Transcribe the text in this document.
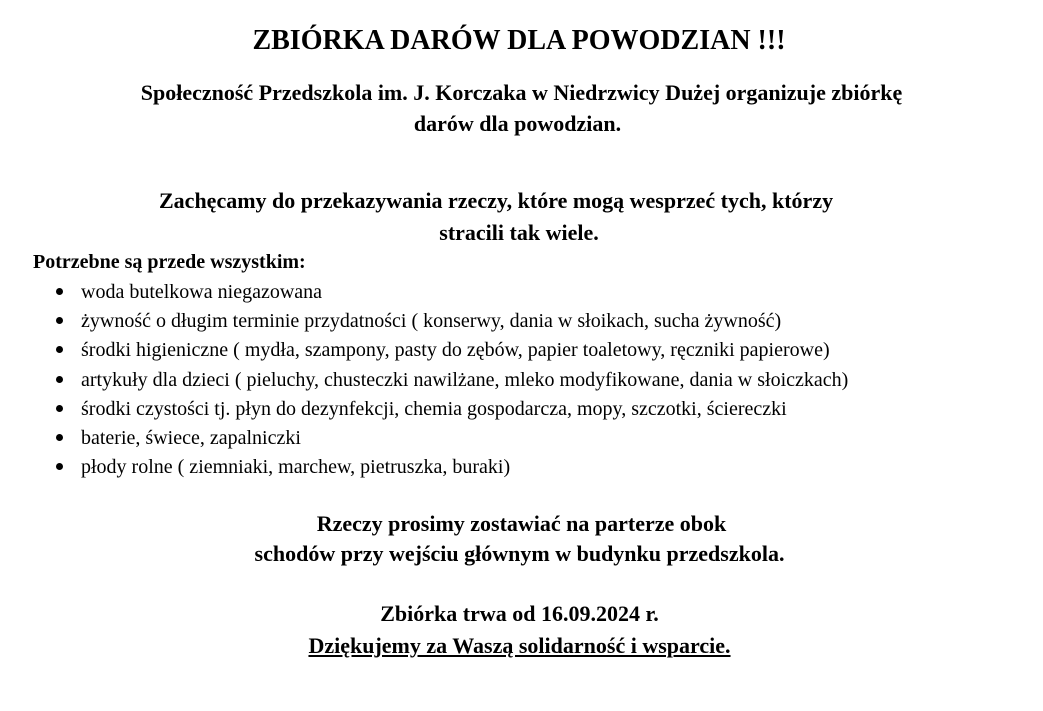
ZBIÓRKA DARÓW DLA POWODZIAN !!!

Społeczność Przedszkola im. J. Korczaka w Niedrzwicy Dużej organizuje zbiórkę

darów dla powodzian.

Zachęcamy do przekazywania rzeczy, które mogą wesprzeć tych, którzy

stracili tak wiele.

Potrzebne są przede wszystkim:

woda butelkowa niegazowana
żywność o długim terminie przydatności ( konserwy, dania w słoikach, sucha żywność)
środki higieniczne ( mydła, szampony, pasty do zębów, papier toaletowy, ręczniki papierowe)
artykuły dla dzieci ( pieluchy, chusteczki nawilżane, mleko modyfikowane, dania w słoiczkach)
środki czystości tj. płyn do dezynfekcji, chemia gospodarcza, mopy, szczotki, ściereczki
baterie, świece, zapalniczki
płody rolne ( ziemniaki, marchew, pietruszka, buraki)

Rzeczy prosimy zostawiać na parterze obok

schodów przy wejściu głównym w budynku przedszkola.

Zbiórka trwa od 16.09.2024 r.

Dziękujemy za Waszą solidarność i wsparcie.
